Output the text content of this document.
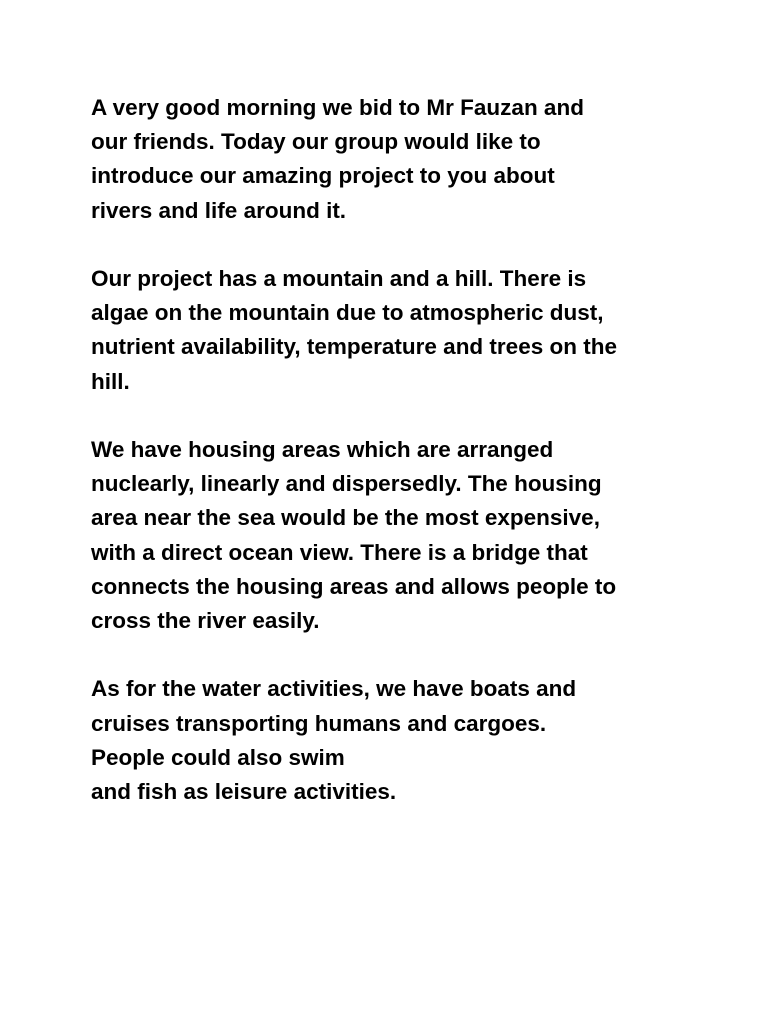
A very good morning we bid to Mr Fauzan and
our friends. Today our group would like to
introduce our amazing project to you about
rivers and life around it.

Our project has a mountain and a hill. There is
algae on the mountain due to atmospheric dust,
nutrient availability, temperature and trees on the
hill.

We have housing areas which are arranged
nuclearly, linearly and dispersedly. The housing
area near the sea would be the most expensive,
with a direct ocean view. There is a bridge that
connects the housing areas and allows people to
cross the river easily.

As for the water activities, we have boats and
cruises transporting humans and cargoes.
People could also swim
and fish as leisure activities.
